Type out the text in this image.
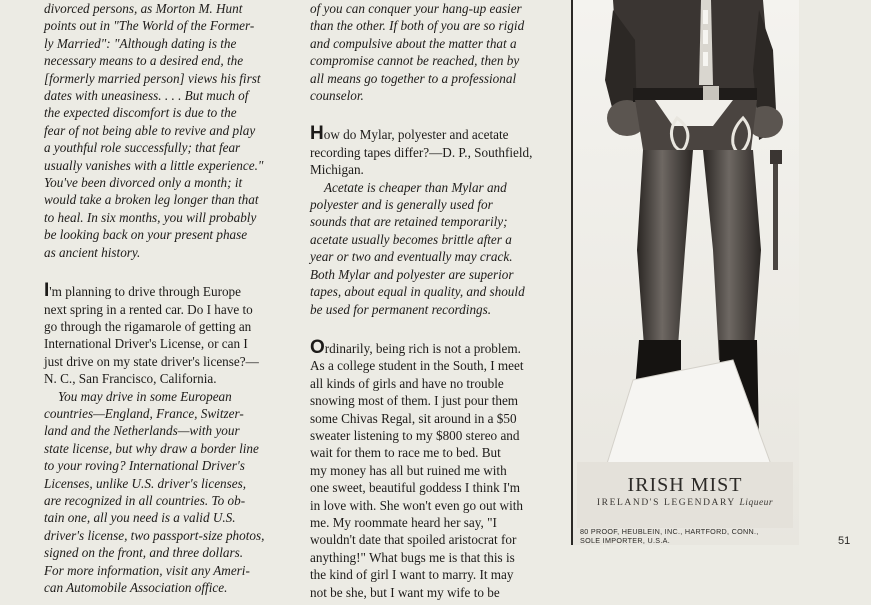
divorced persons, as Morton M. Hunt
points out in "The World of the Former-
ly Married": "Although dating is the
necessary means to a desired end, the
[formerly married person] views his first
dates with uneasiness. . . . But much of
the expected discomfort is due to the
fear of not being able to revive and play
a youthful role successfully; that fear
usually vanishes with a little experience."
You've been divorced only a month; it
would take a broken leg longer than that
to heal. In six months, you will probably
be looking back on your present phase
as ancient history.

I'm planning to drive through Europe
next spring in a rented car. Do I have to
go through the rigamarole of getting an
International Driver's License, or can I
just drive on my state driver's license?—
N. C., San Francisco, California.

You may drive in some European
countries—England, France, Switzer-
land and the Netherlands—with your
state license, but why draw a border line
to your roving? International Driver's
Licenses, unlike U.S. driver's licenses,
are recognized in all countries. To ob-
tain one, all you need is a valid U.S.
driver's license, two passport-size photos,
signed on the front, and three dollars.
For more information, visit any Ameri-
can Automobile Association office.
of you can conquer your hang-up easier
than the other. If both of you are so rigid
and compulsive about the matter that a
compromise cannot be reached, then by
all means go together to a professional
counselor.

How do Mylar, polyester and acetate
recording tapes differ?—D. P., Southfield,
Michigan.

Acetate is cheaper than Mylar and
polyester and is generally used for
sounds that are retained temporarily;
acetate usually becomes brittle after a
year or two and eventually may crack.
Both Mylar and polyester are superior
tapes, about equal in quality, and should
be used for permanent recordings.

Ordinarily, being rich is not a problem.
As a college student in the South, I meet
all kinds of girls and have no trouble
snowing most of them. I just pour them
some Chivas Regal, sit around in a $50
sweater listening to my $800 stereo and
wait for them to race me to bed. But
my money has all but ruined me with
one sweet, beautiful goddess I think I'm
in love with. She won't even go out with
me. My roommate heard her say, "I
wouldn't date that spoiled aristocrat for
anything!" What bugs me is that this is
the kind of girl I want to marry. It may
not be she, but I want my wife to be

IRISH MIST
IRELAND'S LEGENDARY Liqueur
80 PROOF, HEUBLEIN, INC., HARTFORD, CONN.,
SOLE IMPORTER, U.S.A.	51
